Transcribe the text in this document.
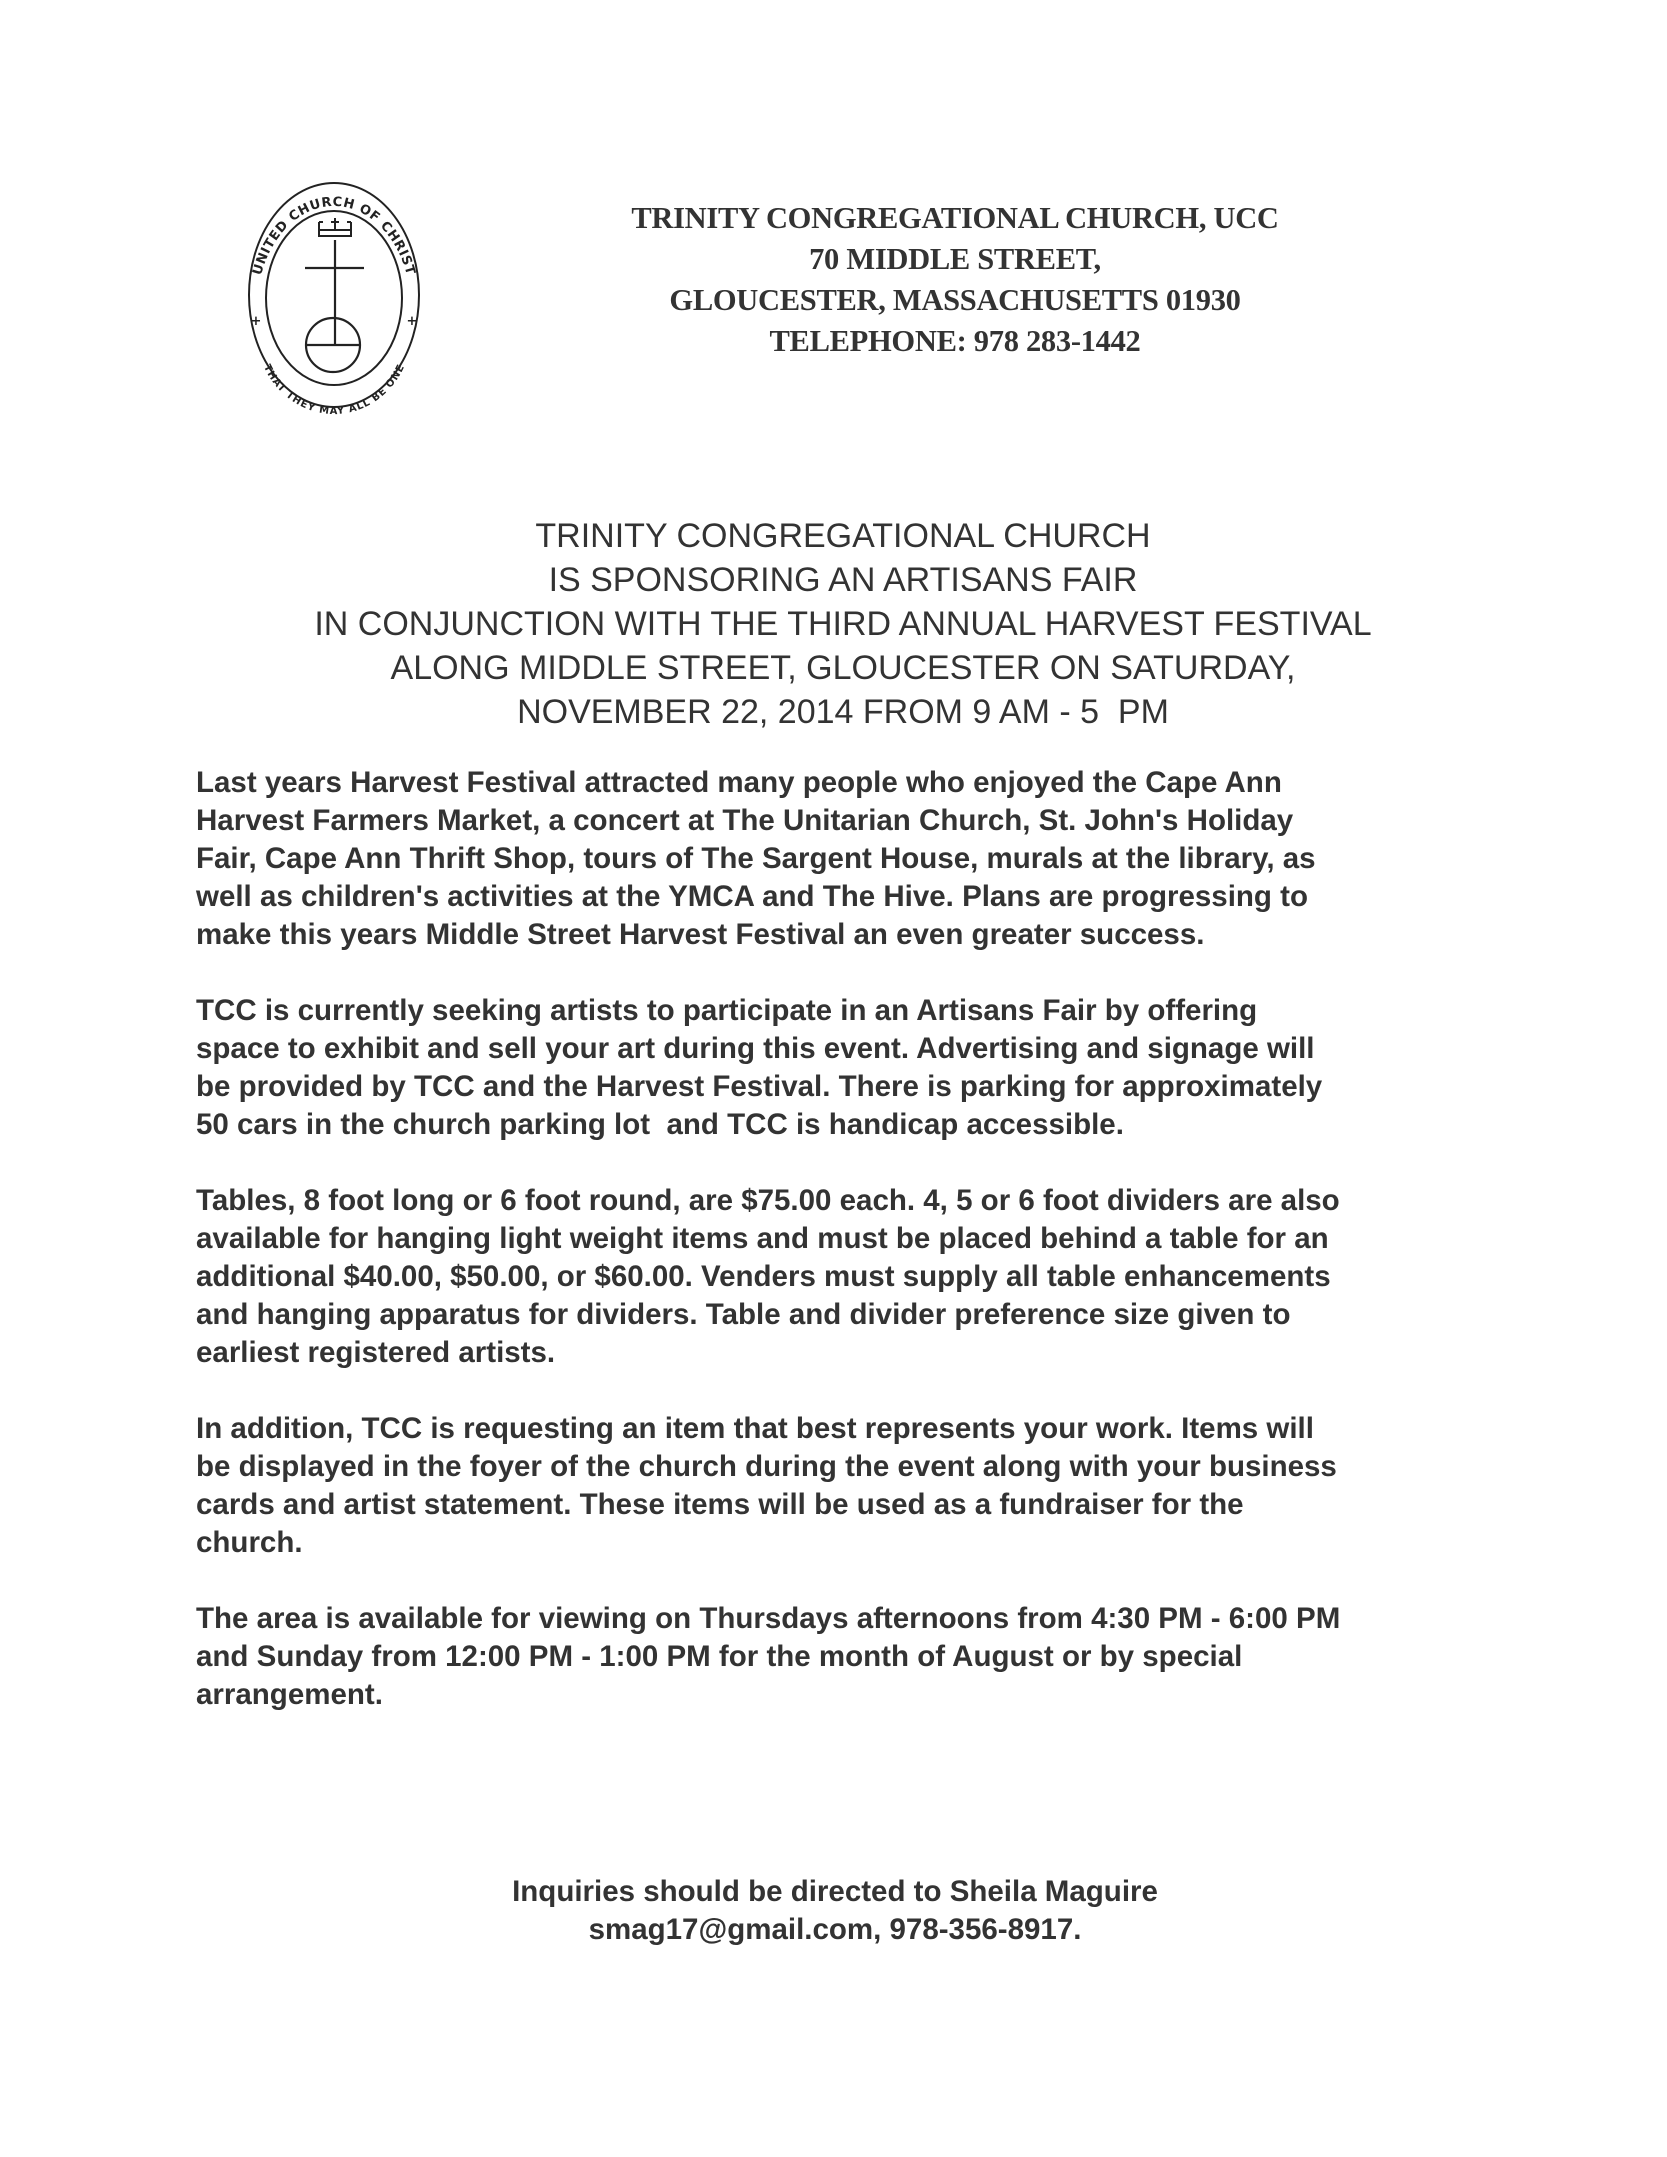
UNITED CHURCH OF CHRIST
THAT THEY MAY ALL BE ONE
+	+
TRINITY CONGREGATIONAL CHURCH, UCC
70 MIDDLE STREET,
GLOUCESTER, MASSACHUSETTS 01930
TELEPHONE: 978 283-1442
TRINITY CONGREGATIONAL CHURCH
IS SPONSORING AN ARTISANS FAIR
IN CONJUNCTION WITH THE THIRD ANNUAL HARVEST FESTIVAL
ALONG MIDDLE STREET, GLOUCESTER ON SATURDAY,
NOVEMBER 22, 2014 FROM 9 AM - 5  PM
Last years Harvest Festival attracted many people who enjoyed the Cape Ann
Harvest Farmers Market, a concert at The Unitarian Church, St. John's Holiday
Fair, Cape Ann Thrift Shop, tours of The Sargent House, murals at the library, as
well as children's activities at the YMCA and The Hive. Plans are progressing to
make this years Middle Street Harvest Festival an even greater success.
TCC is currently seeking artists to participate in an Artisans Fair by offering
space to exhibit and sell your art during this event. Advertising and signage will
be provided by TCC and the Harvest Festival. There is parking for approximately
50 cars in the church parking lot  and TCC is handicap accessible.
Tables, 8 foot long or 6 foot round, are $75.00 each. 4, 5 or 6 foot dividers are also
available for hanging light weight items and must be placed behind a table for an
additional $40.00, $50.00, or $60.00. Venders must supply all table enhancements
and hanging apparatus for dividers. Table and divider preference size given to
earliest registered artists.
In addition, TCC is requesting an item that best represents your work. Items will
be displayed in the foyer of the church during the event along with your business
cards and artist statement. These items will be used as a fundraiser for the
church.
The area is available for viewing on Thursdays afternoons from 4:30 PM - 6:00 PM
and Sunday from 12:00 PM - 1:00 PM for the month of August or by special
arrangement.
Inquiries should be directed to Sheila Maguire
smag17@gmail.com, 978-356-8917.
